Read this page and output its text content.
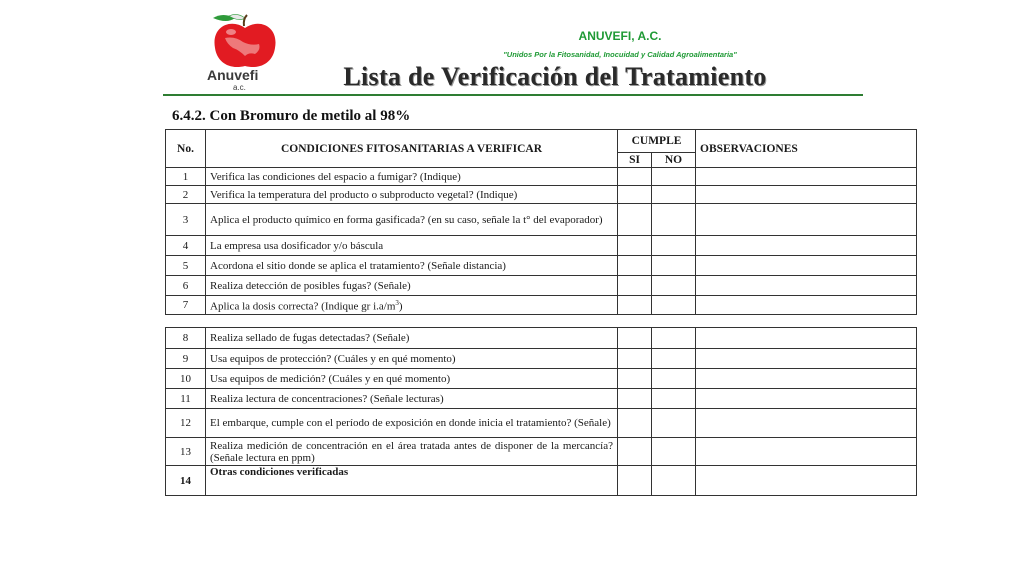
Anuvefi
a.c.
ANUVEFI, A.C.
"Unidos Por la Fitosanidad, Inocuidad y Calidad Agroalimentaria"
Lista de Verificación del Tratamiento
6.4.2. Con Bromuro de metilo al 98%
No.	CONDICIONES FITOSANITARIAS A VERIFICAR	CUMPLE		OBSERVACIONES
		SI	NO	
1	Verifica las condiciones del espacio a fumigar? (Indique)			
2	Verifica la temperatura del producto o subproducto vegetal? (Indique)			
3	Aplica el producto químico en forma gasificada? (en su caso, señale la t° del evaporador)			
4	La empresa usa dosificador y/o báscula			
5	Acordona el sitio donde se aplica el tratamiento? (Señale distancia)			
6	Realiza detección de posibles fugas? (Señale)			
7	Aplica la dosis correcta? (Indique gr $i.a/m^3$)			
8	Realiza sellado de fugas detectadas? (Señale)			
9	Usa equipos de protección? (Cuáles y en qué momento)			
10	Usa equipos de medición? (Cuáles y en qué momento)			
11	Realiza lectura de concentraciones? (Señale lecturas)			
12	El embarque, cumple con el período de exposición en donde inicia el tratamiento? (Señale)			
13	Realiza medición de concentración en el área tratada antes de disponer de la mercancía? (Señale lectura en ppm)			
14	Otras condiciones verificadas			
